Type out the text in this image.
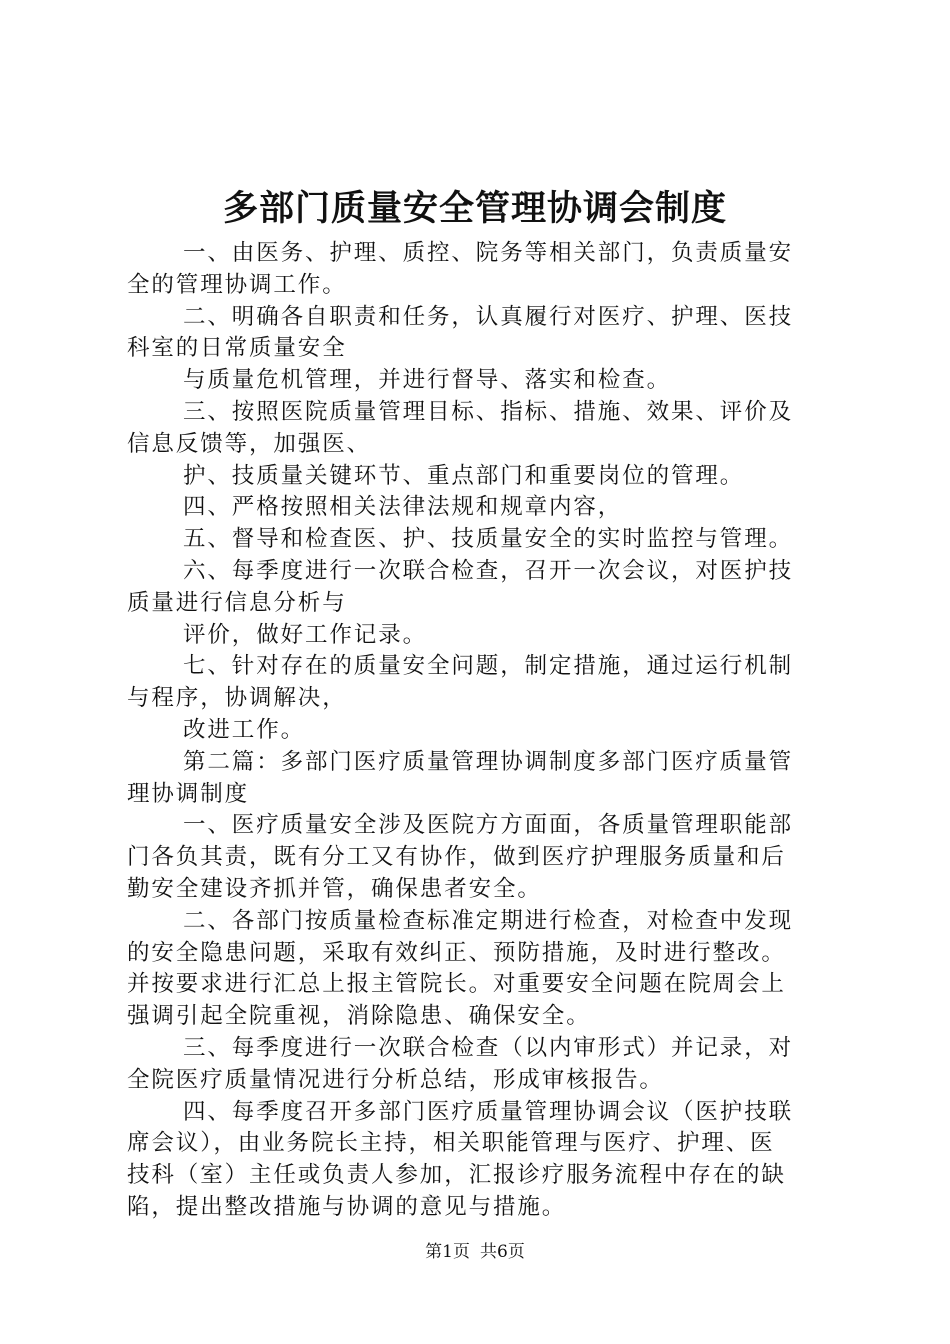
多部门质量安全管理协调会制度
一、由医务、护理、质控、院务等相关部门，负责质量安
全的管理协调工作。
二、明确各自职责和任务，认真履行对医疗、护理、医技
科室的日常质量安全
与质量危机管理，并进行督导、落实和检查。
三、按照医院质量管理目标、指标、措施、效果、评价及
信息反馈等，加强医、
护、技质量关键环节、重点部门和重要岗位的管理。
四、严格按照相关法律法规和规章内容，
五、督导和检查医、护、技质量安全的实时监控与管理。
六、每季度进行一次联合检查，召开一次会议，对医护技
质量进行信息分析与
评价，做好工作记录。
七、针对存在的质量安全问题，制定措施，通过运行机制
与程序，协调解决，
改进工作。
第二篇：多部门医疗质量管理协调制度多部门医疗质量管
理协调制度
一、医疗质量安全涉及医院方方面面，各质量管理职能部
门各负其责，既有分工又有协作，做到医疗护理服务质量和后
勤安全建设齐抓并管，确保患者安全。
二、各部门按质量检查标准定期进行检查，对检查中发现
的安全隐患问题，采取有效纠正、预防措施，及时进行整改。
并按要求进行汇总上报主管院长。对重要安全问题在院周会上
强调引起全院重视，消除隐患、确保安全。
三、每季度进行一次联合检查（以内审形式）并记录，对
全院医疗质量情况进行分析总结，形成审核报告。
四、每季度召开多部门医疗质量管理协调会议（医护技联
席会议），由业务院长主持，相关职能管理与医疗、护理、医
技科（室）主任或负责人参加，汇报诊疗服务流程中存在的缺
陷，提出整改措施与协调的意见与措施。
第1页 共6页
